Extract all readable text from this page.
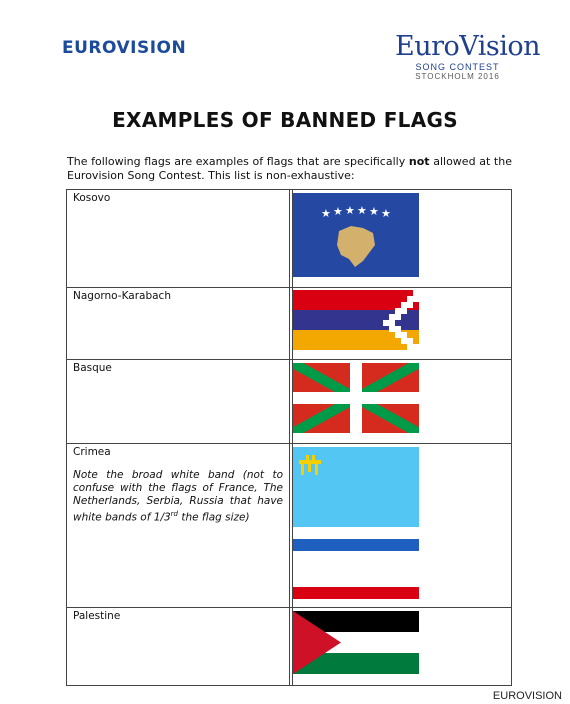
EUROVISION	EuroVision
SONG CONTEST
STOCKHOLM 2016
EXAMPLES OF BANNED FLAGS
The following flags are examples of flags that are specifically not allowed at the Eurovision Song Contest. This list is non-exhaustive:
Kosovo
★ ★ ★ ★ ★ ★
Nagorno-Karabach
Basque
Crimea
Note the broad white band (not to confuse with the flags of France, The Netherlands, Serbia, Russia that have white bands of 1/3rd the flag size)
Palestine
EUROVISION
